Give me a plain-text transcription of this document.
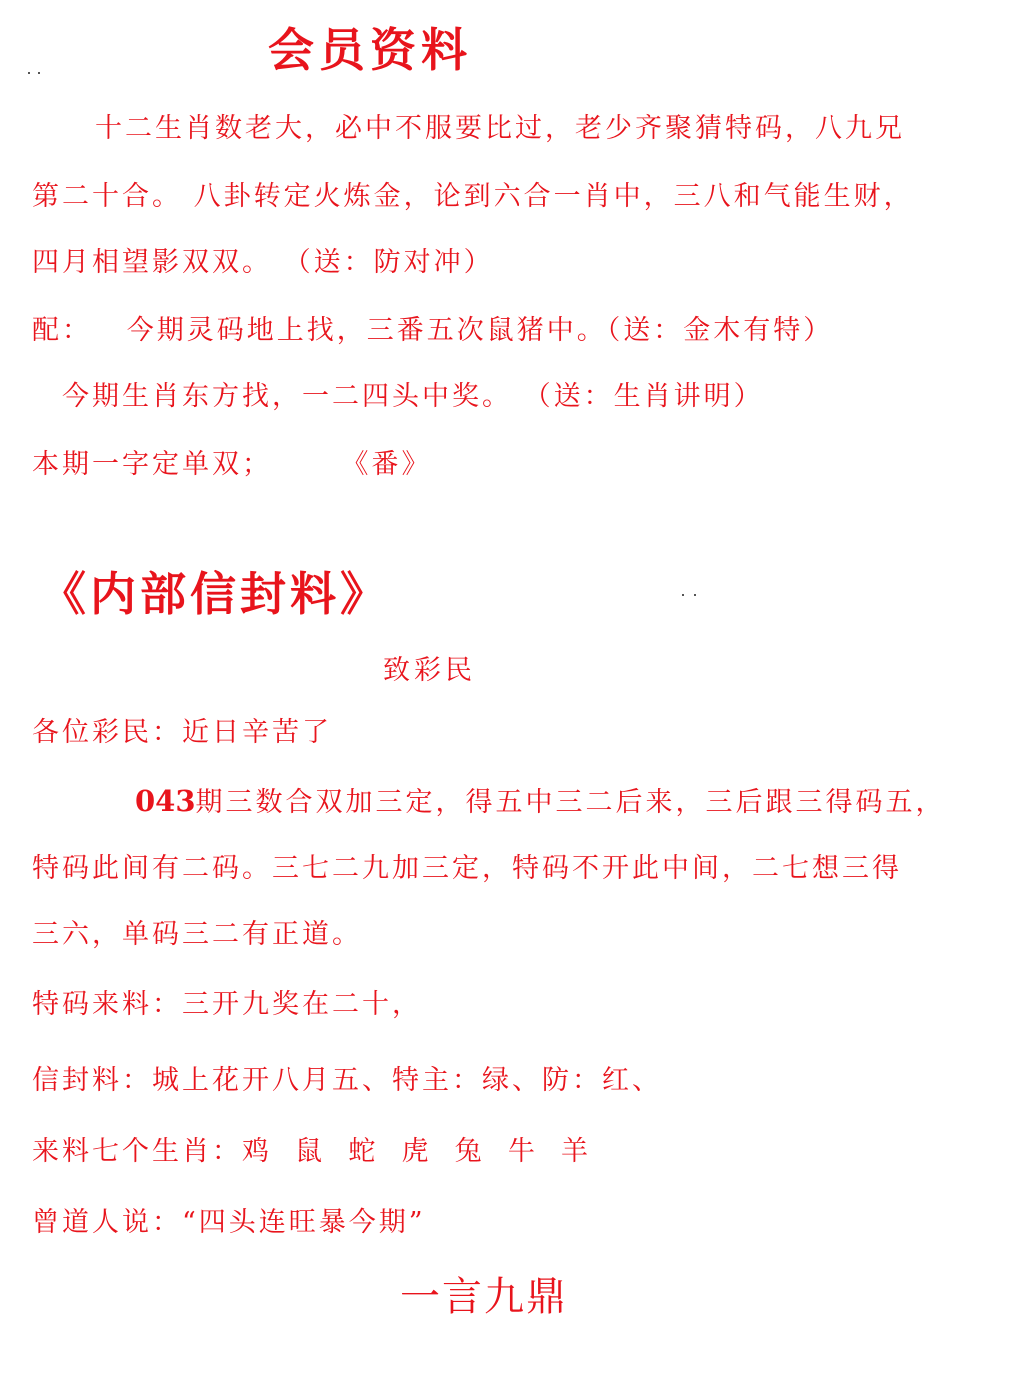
会员资料
十二生肖数老大，必中不服要比过，老少齐聚猜特码，八九兄
第二十合。 八卦转定火炼金，论到六合一肖中，三八和气能生财，
四月相望影双双。 （送：防对冲）
配：   今期灵码地上找，三番五次鼠猪中。（送：金木有特）
今期生肖东方找，一二四头中奖。 （送：生肖讲明）
本期一字定单双；      《番》
《内部信封料》
致彩民
各位彩民：近日辛苦了
043期三数合双加三定，得五中三二后来，三后跟三得码五，
特码此间有二码。三七二九加三定，特码不开此中间，二七想三得
三六，单码三二有正道。
特码来料：三开九奖在二十，
信封料：城上花开八月五、特主：绿、防：红、
来料七个生肖：鸡  鼠  蛇  虎  兔  牛  羊
曾道人说：“四头连旺暴今期”
一言九鼎
